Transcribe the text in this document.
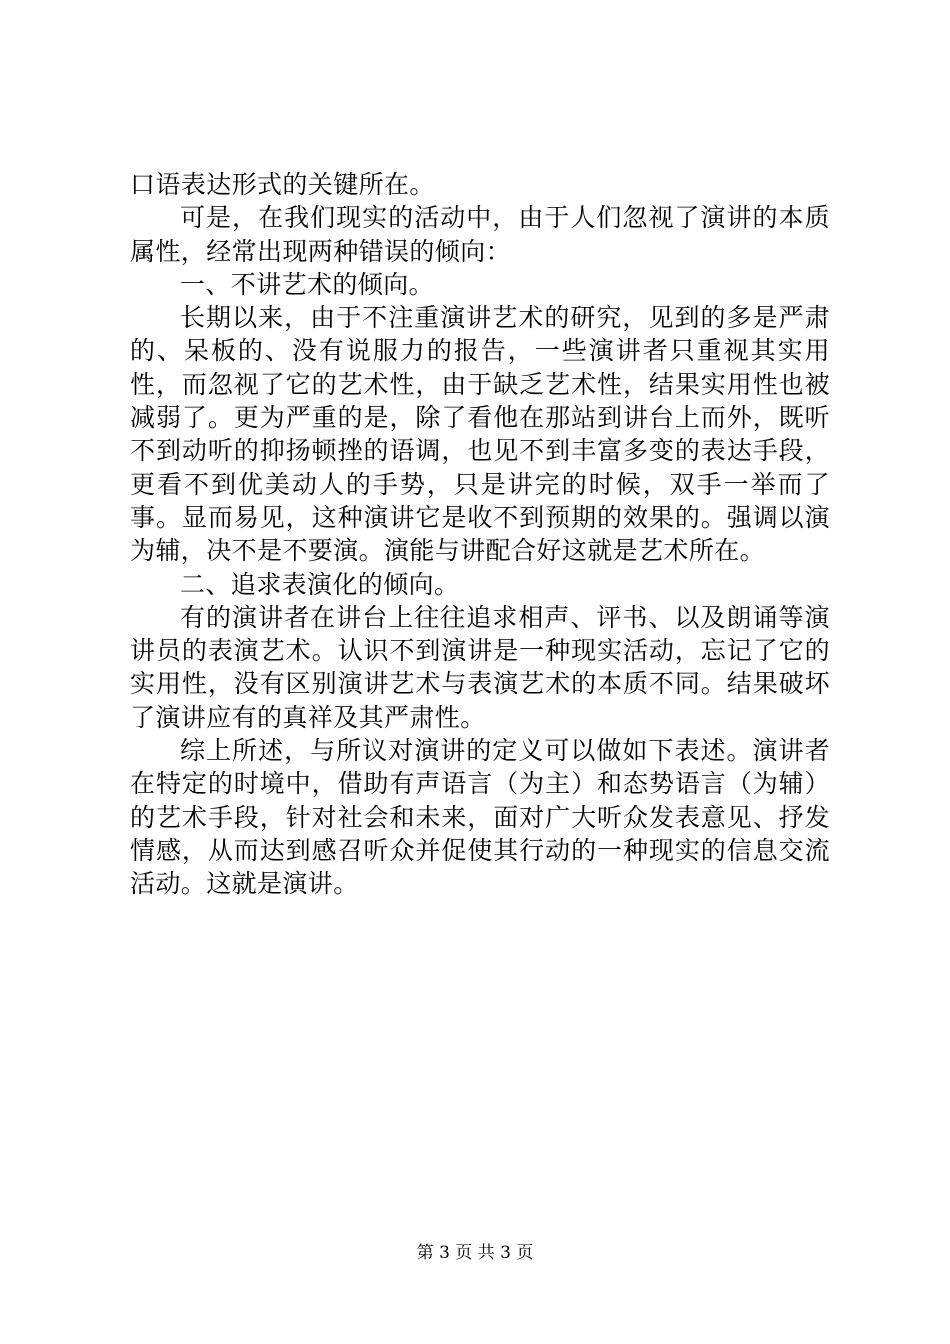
口语表达形式的关键所在。

可是，在我们现实的活动中，由于人们忽视了演讲的本质属性，经常出现两种错误的倾向：

一、不讲艺术的倾向。

长期以来，由于不注重演讲艺术的研究，见到的多是严肃的、呆板的、没有说服力的报告，一些演讲者只重视其实用性，而忽视了它的艺术性，由于缺乏艺术性，结果实用性也被减弱了。更为严重的是，除了看他在那站到讲台上而外，既听不到动听的抑扬顿挫的语调，也见不到丰富多变的表达手段，更看不到优美动人的手势，只是讲完的时候，双手一举而了事。显而易见，这种演讲它是收不到预期的效果的。强调以演为辅，决不是不要演。演能与讲配合好这就是艺术所在。

二、追求表演化的倾向。

有的演讲者在讲台上往往追求相声、评书、以及朗诵等演讲员的表演艺术。认识不到演讲是一种现实活动，忘记了它的实用性，没有区别演讲艺术与表演艺术的本质不同。结果破坏了演讲应有的真祥及其严肃性。

综上所述，与所议对演讲的定义可以做如下表述。演讲者在特定的时境中，借助有声语言（为主）和态势语言（为辅）的艺术手段，针对社会和未来，面对广大听众发表意见、抒发情感，从而达到感召听众并促使其行动的一种现实的信息交流活动。这就是演讲。

第 3 页 共 3 页
